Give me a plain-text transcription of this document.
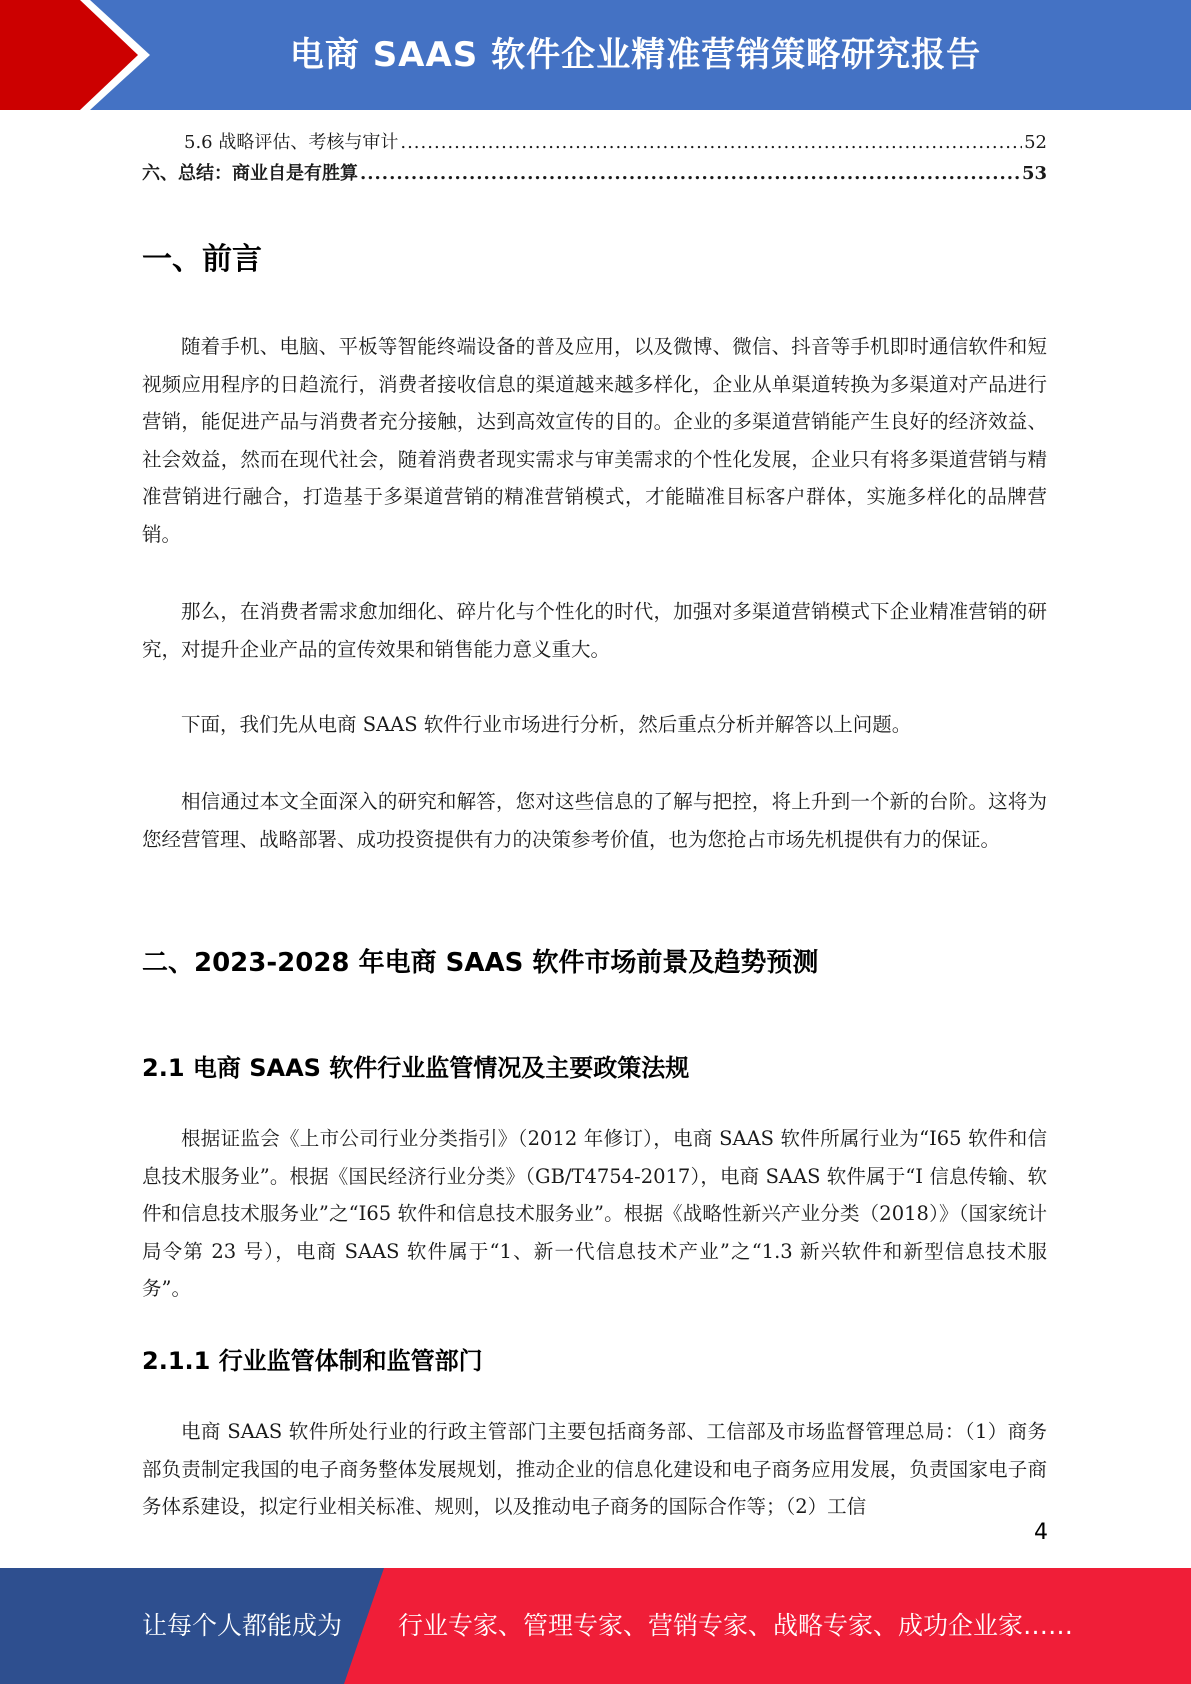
电商 SAAS 软件企业精准营销策略研究报告
5.6 战略评估、考核与审计 .....	52
六、总结：商业自是有胜算 .....	53
一、前言

随着手机、电脑、平板等智能终端设备的普及应用，以及微博、微信、抖音等手机即时通信软件和短视频应用程序的日趋流行，消费者接收信息的渠道越来越多样化，企业从单渠道转换为多渠道对产品进行营销，能促进产品与消费者充分接触，达到高效宣传的目的。企业的多渠道营销能产生良好的经济效益、社会效益，然而在现代社会，随着消费者现实需求与审美需求的个性化发展，企业只有将多渠道营销与精准营销进行融合，打造基于多渠道营销的精准营销模式，才能瞄准目标客户群体，实施多样化的品牌营销。

那么，在消费者需求愈加细化、碎片化与个性化的时代，加强对多渠道营销模式下企业精准营销的研究，对提升企业产品的宣传效果和销售能力意义重大。

下面，我们先从电商 SAAS 软件行业市场进行分析，然后重点分析并解答以上问题。

相信通过本文全面深入的研究和解答，您对这些信息的了解与把控，将上升到一个新的台阶。这将为您经营管理、战略部署、成功投资提供有力的决策参考价值，也为您抢占市场先机提供有力的保证。

二、2023-2028 年电商 SAAS 软件市场前景及趋势预测
2.1 电商 SAAS 软件行业监管情况及主要政策法规

根据证监会《上市公司行业分类指引》（2012 年修订），电商 SAAS 软件所属行业为“I65 软件和信息技术服务业”。根据《国民经济行业分类》（GB/T4754-2017），电商 SAAS 软件属于“I 信息传输、软件和信息技术服务业”之“I65 软件和信息技术服务业”。根据《战略性新兴产业分类（2018）》（国家统计局令第 23 号），电商 SAAS 软件属于“1、新一代信息技术产业”之“1.3 新兴软件和新型信息技术服务”。

2.1.1 行业监管体制和监管部门

电商 SAAS 软件所处行业的行政主管部门主要包括商务部、工信部及市场监督管理总局：（1）商务部负责制定我国的电子商务整体发展规划，推动企业的信息化建设和电子商务应用发展，负责国家电子商务体系建设，拟定行业相关标准、规则，以及推动电子商务的国际合作等；（2）工信

4
让每个人都能成为 行业专家、管理专家、营销专家、战略专家、成功企业家……
